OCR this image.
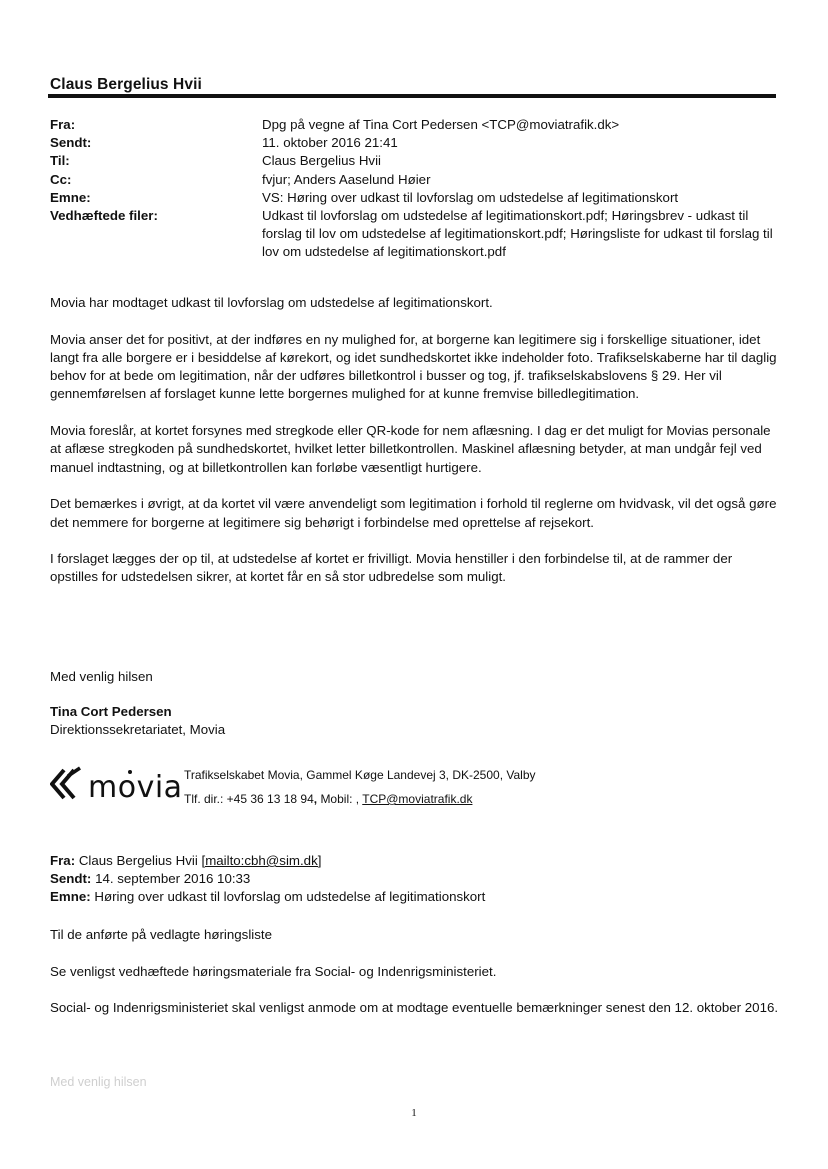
Claus Bergelius Hvii
Fra:	Dpg på vegne af Tina Cort Pedersen <TCP@moviatrafik.dk>
Sendt:	11. oktober 2016 21:41
Til:	Claus Bergelius Hvii
Cc:	fvjur; Anders Aaselund Høier
Emne:	VS: Høring over udkast til lovforslag om udstedelse af legitimationskort
Vedhæftede filer:	Udkast til lovforslag om udstedelse af legitimationskort.pdf; Høringsbrev - udkast til forslag til lov om udstedelse af legitimationskort.pdf; Høringsliste for udkast til forslag til lov om udstedelse af legitimationskort.pdf

Movia har modtaget udkast til lovforslag om udstedelse af legitimationskort.

Movia anser det for positivt, at der indføres en ny mulighed for, at borgerne kan legitimere sig i forskellige situationer, idet langt fra alle borgere er i besiddelse af kørekort, og idet sundhedskortet ikke indeholder foto. Trafikselskaberne har til daglig behov for at bede om legitimation, når der udføres billetkontrol i busser og tog, jf. trafikselskabslovens § 29. Her vil gennemførelsen af forslaget kunne lette borgernes mulighed for at kunne fremvise billedlegitimation.

Movia foreslår, at kortet forsynes med stregkode eller QR-kode for nem aflæsning. I dag er det muligt for Movias personale at aflæse stregkoden på sundhedskortet, hvilket letter billetkontrollen. Maskinel aflæsning betyder, at man undgår fejl ved manuel indtastning, og at billetkontrollen kan forløbe væsentligt hurtigere.

Det bemærkes i øvrigt, at da kortet vil være anvendeligt som legitimation i forhold til reglerne om hvidvask, vil det også gøre det nemmere for borgerne at legitimere sig behørigt i forbindelse med oprettelse af rejsekort.

I forslaget lægges der op til, at udstedelse af kortet er frivilligt. Movia henstiller i den forbindelse til, at de rammer der opstilles for udstedelsen sikrer, at kortet får en så stor udbredelse som muligt.

Med venlig hilsen
Tina Cort Pedersen
Direktionssekretariatet, Movia
movia Trafikselskabet Movia, Gammel Køge Landevej 3, DK-2500, Valby
Tlf. dir.: +45 36 13 18 94, Mobil: , TCP@moviatrafik.dk
Fra: Claus Bergelius Hvii [mailto:cbh@sim.dk]
Sendt: 14. september 2016 10:33
Emne: Høring over udkast til lovforslag om udstedelse af legitimationskort

Til de anførte på vedlagte høringsliste

Se venligst vedhæftede høringsmateriale fra Social- og Indenrigsministeriet.

Social- og Indenrigsministeriet skal venligst anmode om at modtage eventuelle bemærkninger senest den 12. oktober 2016.

Med venlig hilsen
1
